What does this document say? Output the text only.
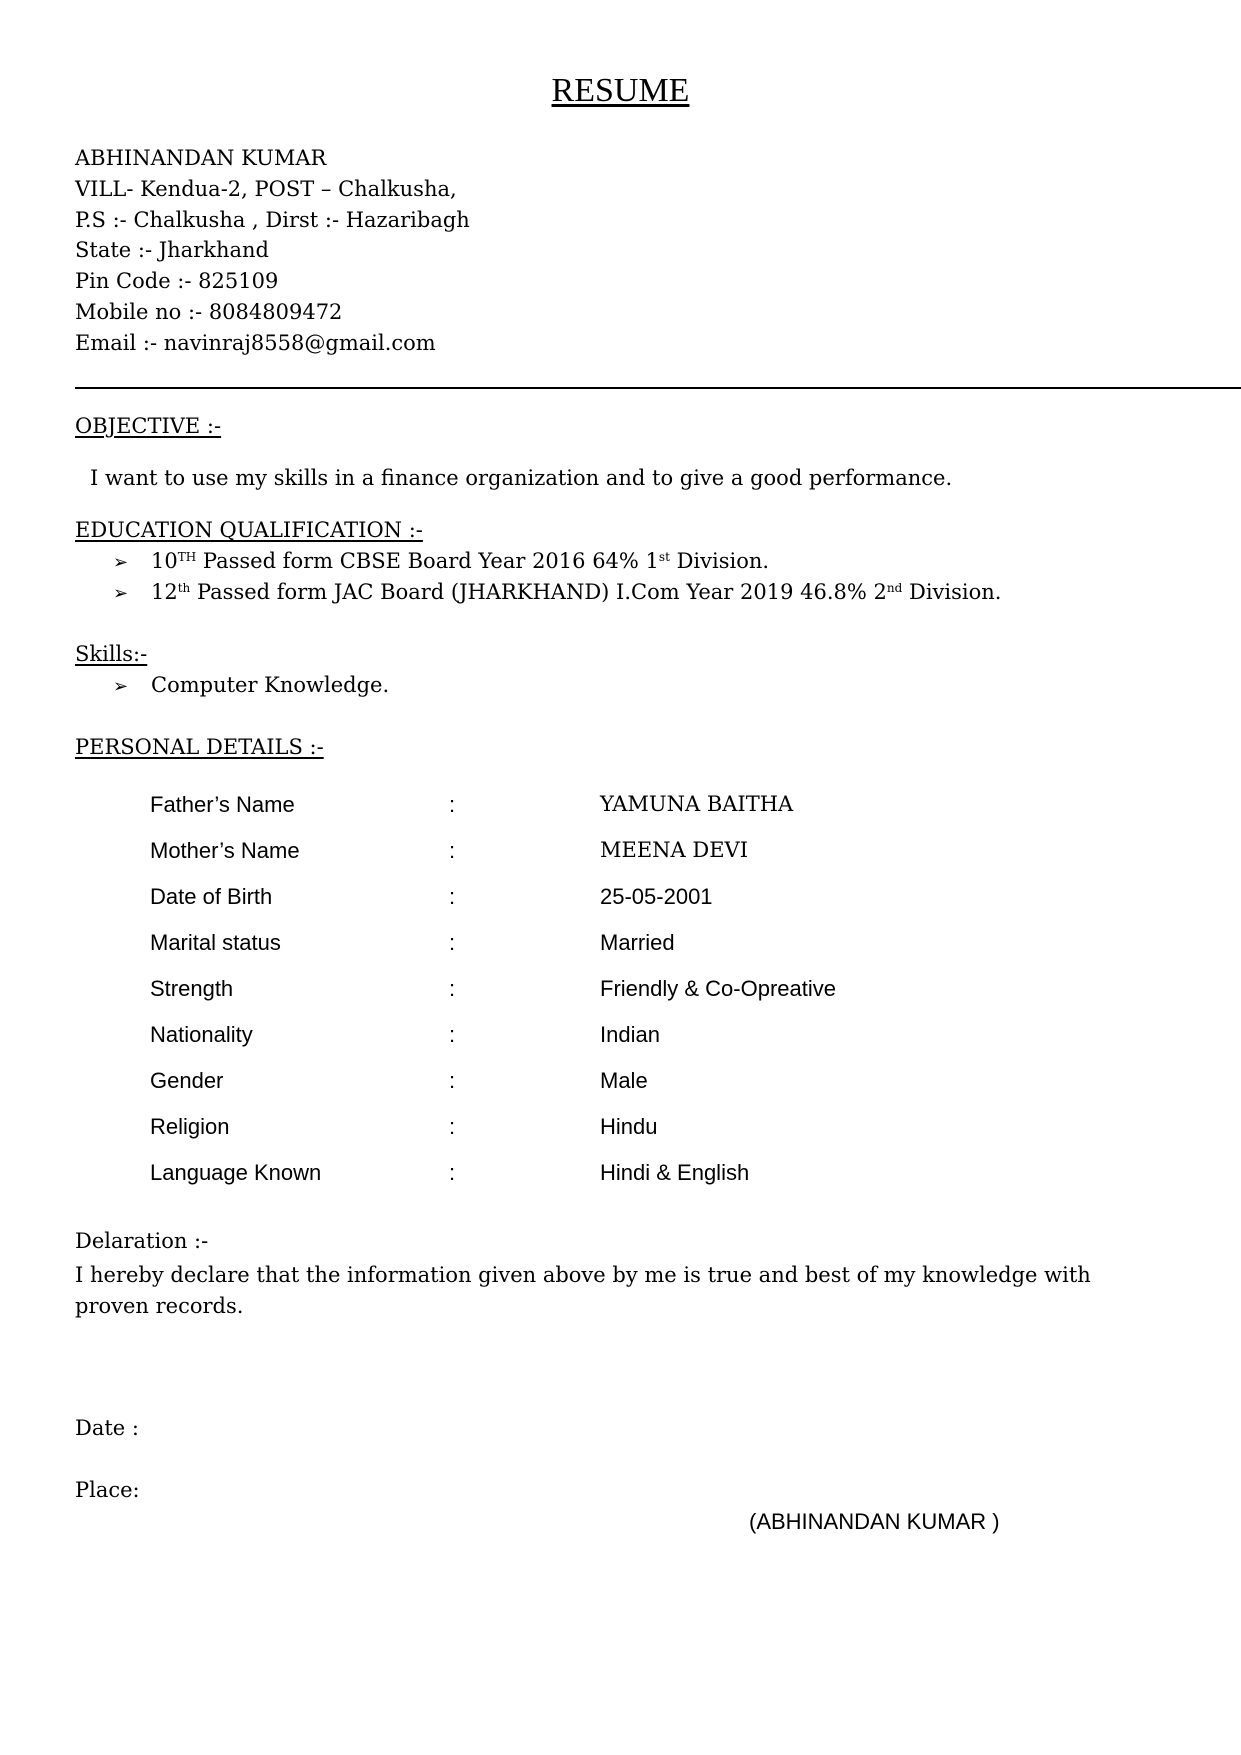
RESUME
ABHINANDAN KUMAR
VILL- Kendua-2, POST – Chalkusha,
P.S :- Chalkusha , Dirst :- Hazaribagh
State :- Jharkhand
Pin Code :- 825109
Mobile no :- 8084809472
Email :- navinraj8558@gmail.com
OBJECTIVE :-
I want to use my skills in a finance organization and to give a good performance.
EDUCATION QUALIFICATION :-
➢ 10TH Passed form CBSE Board Year 2016 64% 1st Division.
➢ 12th Passed form JAC Board (JHARKHAND) I.Com Year 2019 46.8% 2nd Division.
Skills:-
➢ Computer Knowledge.
PERSONAL DETAILS :-
Father’s Name	:	YAMUNA BAITHA
Mother’s Name	:	MEENA DEVI
Date of Birth	:	25-05-2001
Marital status	:	Married
Strength	:	Friendly & Co-Opreative
Nationality	:	Indian
Gender	:	Male
Religion	:	Hindu
Language Known	:	Hindi & English
Delaration :-
I hereby declare that the information given above by me is true and best of my knowledge with proven records.
Date :
Place:
(ABHINANDAN KUMAR )
